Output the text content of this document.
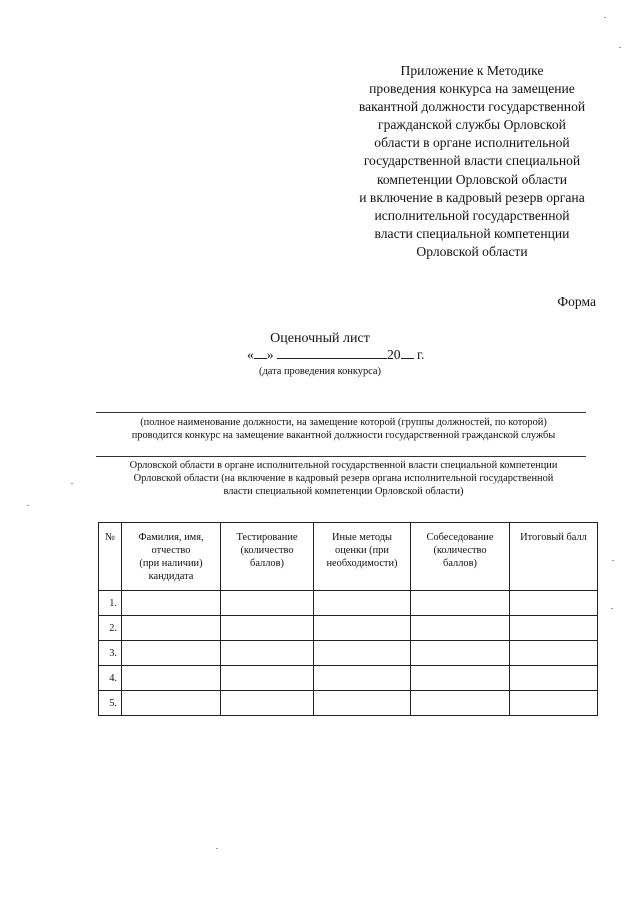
Приложение к Методике
проведения конкурса на замещение
вакантной должности государственной
гражданской службы Орловской
области в органе исполнительной
государственной власти специальной
компетенции Орловской области
и включение в кадровый резерв органа
исполнительной государственной
власти специальной компетенции
Орловской области
Форма
Оценочный лист
« »	20 г.
(дата проведения конкурса)
(полное наименование должности, на замещение которой (группы должностей, по которой)
проводится конкурс на замещение вакантной должности государственной гражданской службы
Орловской области в органе исполнительной государственной власти специальной компетенции
Орловской области (на включение в кадровый резерв органа исполнительной государственной
власти специальной компетенции Орловской области)
№	Фамилия, имя,
отчество
(при наличии)
кандидата	Тестирование
(количество
баллов)	Иные методы
оценки (при
необходимости)	Собеседование
(количество
баллов)	Итоговый балл

1.					
2.					
3.					
4.					
5.					
